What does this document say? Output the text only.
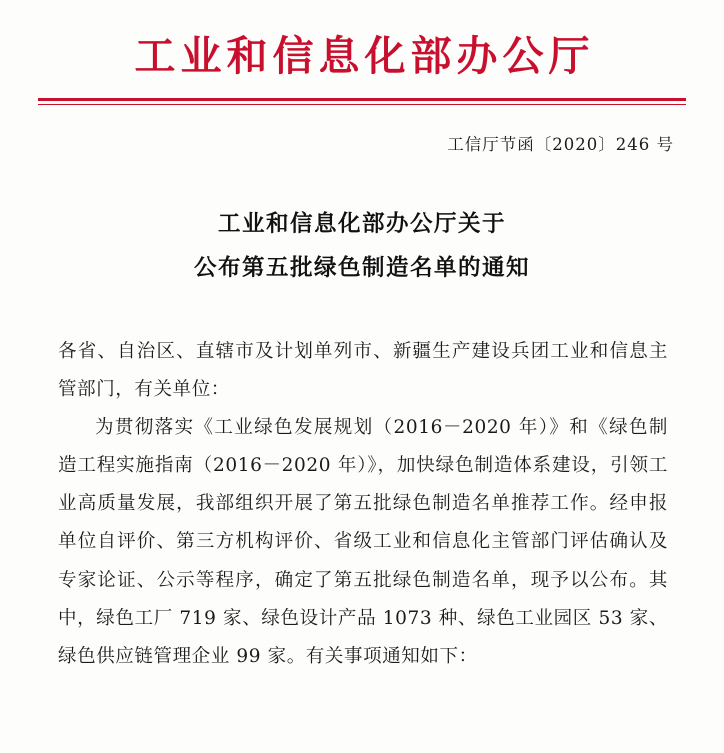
工业和信息化部办公厅
工信厅节函〔2020〕246 号
工业和信息化部办公厅关于
公布第五批绿色制造名单的通知

各省、自治区、直辖市及计划单列市、新疆生产建设兵团工业和信息主管部门，有关单位：

为贯彻落实《工业绿色发展规划（2016－2020 年）》和《绿色制造工程实施指南（2016－2020 年）》，加快绿色制造体系建设，引领工业高质量发展，我部组织开展了第五批绿色制造名单推荐工作。经申报单位自评价、第三方机构评价、省级工业和信息化主管部门评估确认及专家论证、公示等程序，确定了第五批绿色制造名单，现予以公布。其中，绿色工厂 719 家、绿色设计产品 1073 种、绿色工业园区 53 家、绿色供应链管理企业 99 家。有关事项通知如下：
